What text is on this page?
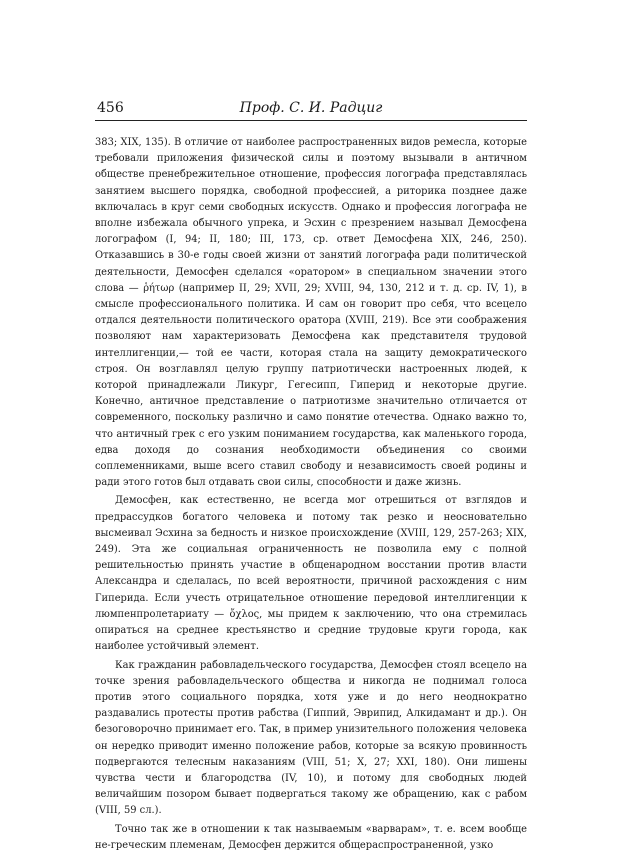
456	Проф. С. И. Радциг

383; XIX, 135). В отличие от наиболее распространенных видов ремесла, которые требовали приложения физической силы и поэтому вызывали в античном обществе пренебрежительное отношение, профессия логографа представлялась занятием высшего порядка, свободной профессией, а риторика позднее даже включалась в круг семи свободных искусств. Однако и профессия логографа не вполне избежала обычного упрека, и Эсхин с презрением называл Демосфена логографом (I, 94; II, 180; III, 173, ср. ответ Демосфена XIX, 246, 250). Отказавшись в 30-е годы своей жизни от занятий логографа ради политической деятельности, Демосфен сделался «оратором» в специальном значении этого слова — ῥήτωρ (например II, 29; XVII, 29; XVIII, 94, 130, 212 и т. д. ср. IV, 1), в смысле профессионального политика. И сам он говорит про себя, что всецело отдался деятельности политического оратора (XVIII, 219). Все эти соображения позволяют нам характеризовать Демосфена как представителя трудовой интеллигенции,— той ее части, которая стала на защиту демократического строя. Он возглавлял целую группу патриотически настроенных людей, к которой принадлежали Ликург, Гегесипп, Гиперид и некоторые другие. Конечно, античное представление о патриотизме значительно отличается от современного, поскольку различно и само понятие отечества. Однако важно то, что античный грек с его узким пониманием государства, как маленького города, едва доходя до сознания необходимости объединения со своими соплеменниками, выше всего ставил свободу и независимость своей родины и ради этого готов был отдавать свои силы, способности и даже жизнь.

Демосфен, как естественно, не всегда мог отрешиться от взглядов и предрассудков богатого человека и потому так резко и неосновательно высмеивал Эсхина за бедность и низкое происхождение (XVIII, 129, 257-263; XIX, 249). Эта же социальная ограниченность не позволила ему с полной решительностью принять участие в общенародном восстании против власти Александра и сделалась, по всей вероятности, причиной расхождения с ним Гиперида. Если учесть отрицательное отношение передовой интеллигенции к люмпенпролетариату — ὄχλος, мы придем к заключению, что она стремилась опираться на среднее крестьянство и средние трудовые круги города, как наиболее устойчивый элемент.

Как гражданин рабовладельческого государства, Демосфен стоял всецело на точке зрения рабовладельческого общества и никогда не поднимал голоса против этого социального порядка, хотя уже и до него неоднократно раздавались протесты против рабства (Гиппий, Эврипид, Алкидамант и др.). Он безоговорочно принимает его. Так, в пример унизительного положения человека он нередко приводит именно положение рабов, которые за всякую провинность подвергаются телесным наказаниям (VIII, 51; X, 27; XXI, 180). Они лишены чувства чести и благородства (IV, 10), и потому для свободных людей величайшим позором бывает подвергаться такому же обращению, как с рабом (VIII, 59 сл.).

Точно так же в отношении к так называемым «варварам», т. е. всем вообще не-греческим племенам, Демосфен держится общераспространенной, узко
